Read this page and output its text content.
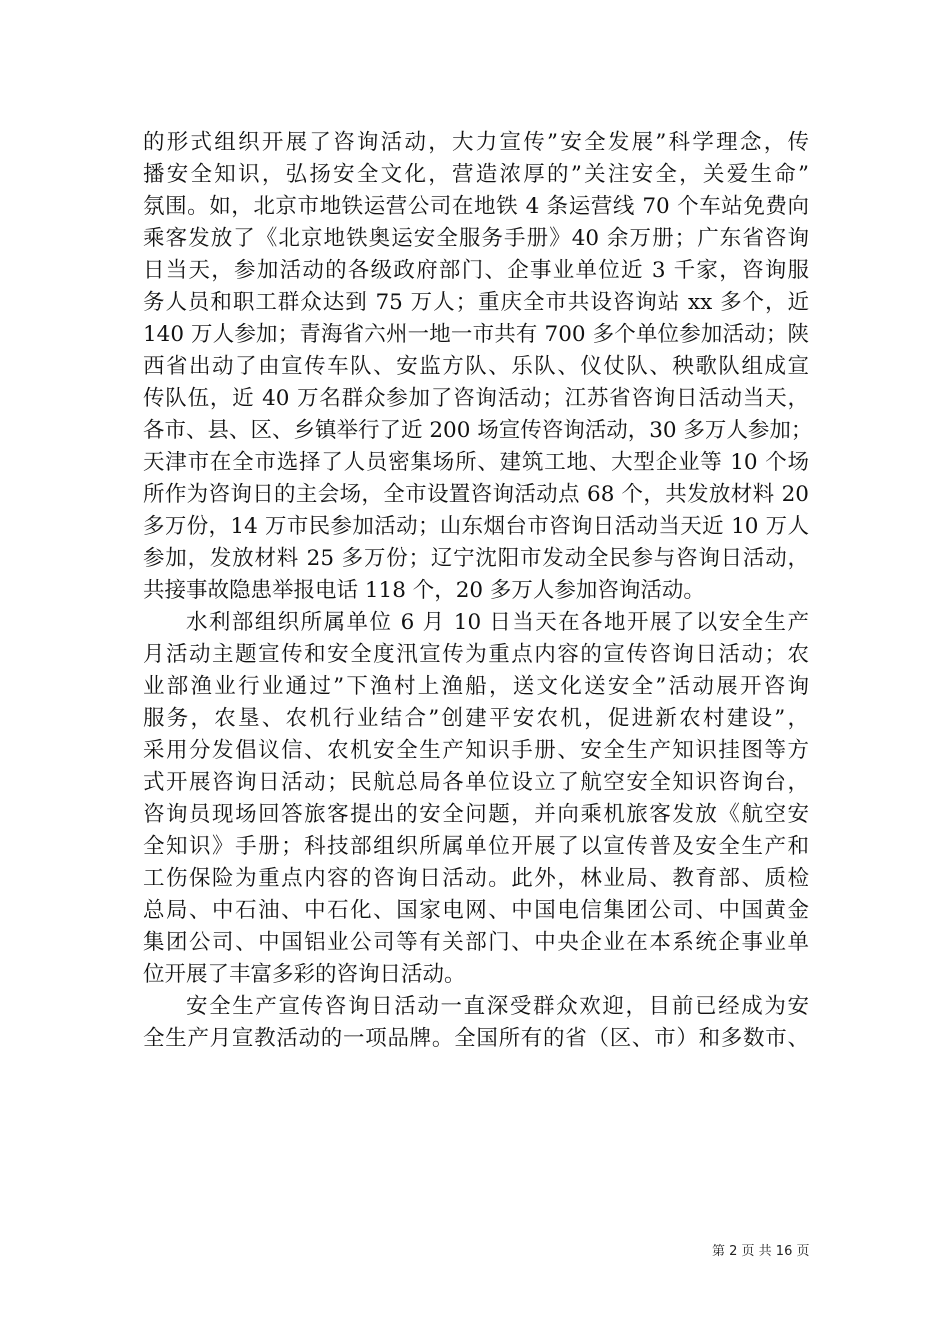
的形式组织开展了咨询活动，大力宣传”安全发展”科学理念，传
播安全知识，弘扬安全文化，营造浓厚的”关注安全，关爱生命”
氛围。如，北京市地铁运营公司在地铁 4 条运营线 70 个车站免费向
乘客发放了《北京地铁奥运安全服务手册》40 余万册；广东省咨询
日当天，参加活动的各级政府部门、企事业单位近 3 千家，咨询服
务人员和职工群众达到 75 万人；重庆全市共设咨询站 xx 多个，近
140 万人参加；青海省六州一地一市共有 700 多个单位参加活动；陕
西省出动了由宣传车队、安监方队、乐队、仪仗队、秧歌队组成宣
传队伍，近 40 万名群众参加了咨询活动；江苏省咨询日活动当天，
各市、县、区、乡镇举行了近 200 场宣传咨询活动，30 多万人参加；
天津市在全市选择了人员密集场所、建筑工地、大型企业等 10 个场
所作为咨询日的主会场，全市设置咨询活动点 68 个，共发放材料 20
多万份，14 万市民参加活动；山东烟台市咨询日活动当天近 10 万人
参加，发放材料 25 多万份；辽宁沈阳市发动全民参与咨询日活动，
共接事故隐患举报电话 118 个，20 多万人参加咨询活动。
水利部组织所属单位 6 月 10 日当天在各地开展了以安全生产
月活动主题宣传和安全度汛宣传为重点内容的宣传咨询日活动；农
业部渔业行业通过”下渔村上渔船，送文化送安全”活动展开咨询
服务，农垦、农机行业结合”创建平安农机，促进新农村建设”，
采用分发倡议信、农机安全生产知识手册、安全生产知识挂图等方
式开展咨询日活动；民航总局各单位设立了航空安全知识咨询台，
咨询员现场回答旅客提出的安全问题，并向乘机旅客发放《航空安
全知识》手册；科技部组织所属单位开展了以宣传普及安全生产和
工伤保险为重点内容的咨询日活动。此外，林业局、教育部、质检
总局、中石油、中石化、国家电网、中国电信集团公司、中国黄金
集团公司、中国铝业公司等有关部门、中央企业在本系统企事业单
位开展了丰富多彩的咨询日活动。
安全生产宣传咨询日活动一直深受群众欢迎，目前已经成为安
全生产月宣教活动的一项品牌。全国所有的省（区、市）和多数市、
第 2 页 共 16 页
